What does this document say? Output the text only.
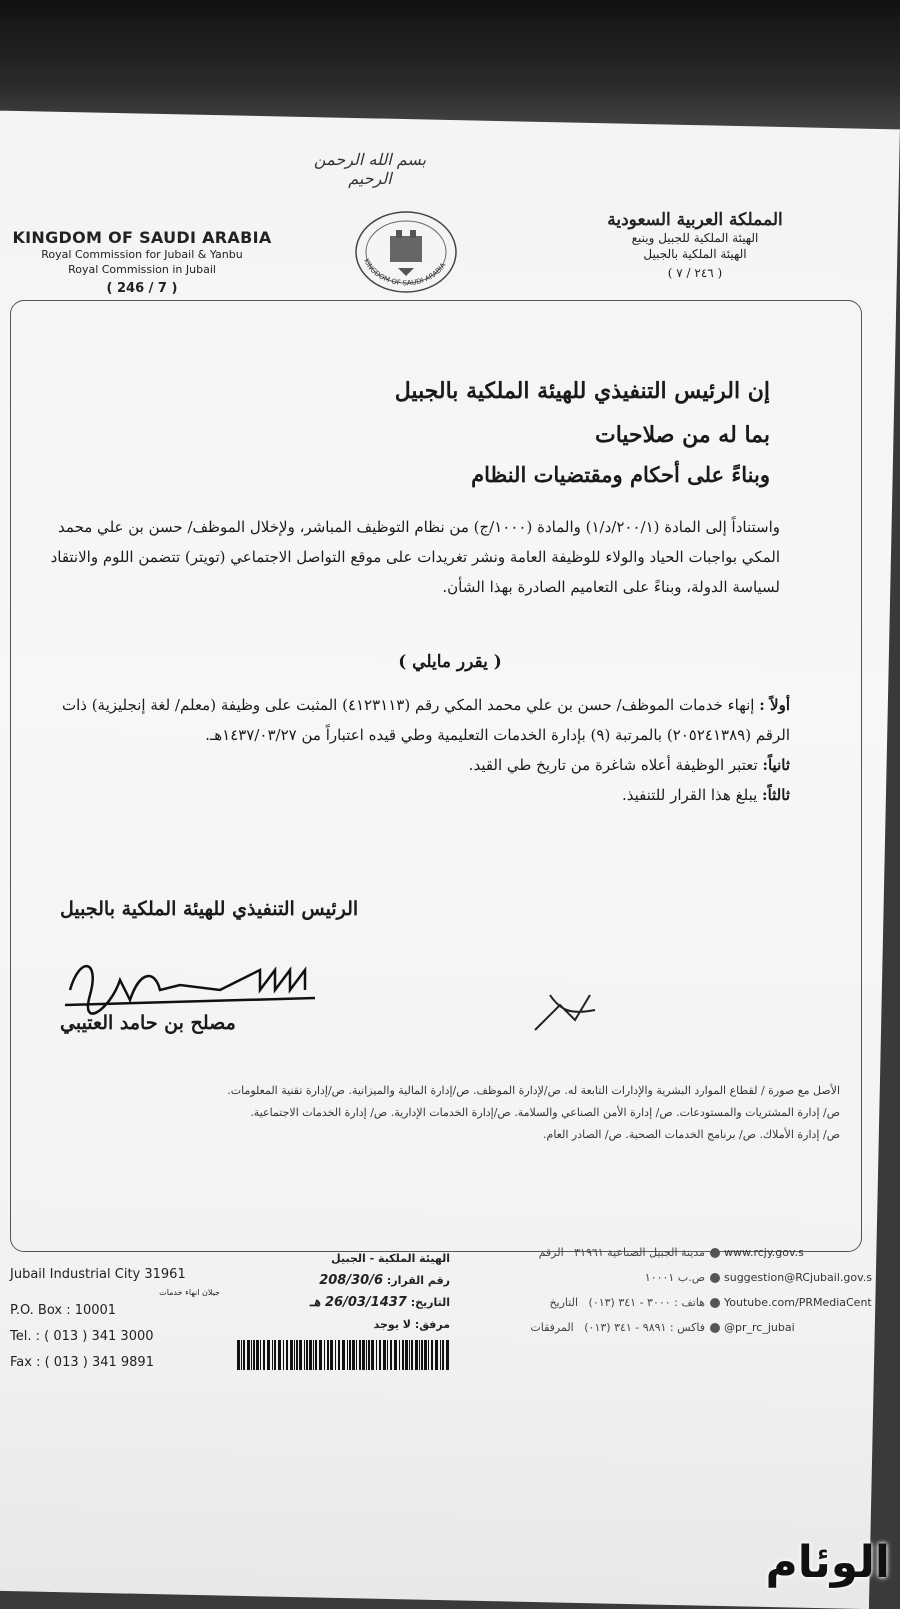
بسم الله الرحمن الرحيم
KINGDOM OF SAUDI ARABIA
Royal Commission for Jubail & Yanbu
Royal Commission in Jubail
( 246 / 7 )
KINGDOM OF SAUDI ARABIA
المملكة العربية السعودية
الهيئة الملكية للجبيل وينبع
الهيئة الملكية بالجبيل
( ٢٤٦ / ٧ )
إن الرئيس التنفيذي للهيئة الملكية بالجبيل
بما له من صلاحيات
وبناءً على أحكام ومقتضيات النظام
واستناداً إلى المادة (٢٠٠/١/د/١) والمادة (١٠٠٠/ج) من نظام التوظيف المباشر، ولإخلال الموظف/ حسن بن علي محمد المكي بواجبات الحياد والولاء للوظيفة العامة ونشر تغريدات على موقع التواصل الاجتماعي (تويتر) تتضمن اللوم والانتقاد لسياسة الدولة، وبناءً على التعاميم الصادرة بهذا الشأن.
( يقرر مايلي )
أولاً : إنهاء خدمات الموظف/ حسن بن علي محمد المكي رقم (٤١٢٣١١٣) المثبت على وظيفة (معلم/ لغة إنجليزية) ذات الرقم (٢٠٥٢٤١٣٨٩) بالمرتبة (٩) بإدارة الخدمات التعليمية وطي قيده اعتباراً من ١٤٣٧/٠٣/٢٧هـ.
ثانياً: تعتبر الوظيفة أعلاه شاغرة من تاريخ طي القيد.
ثالثاً: يبلغ هذا القرار للتنفيذ.
الرئيس التنفيذي للهيئة الملكية بالجبيل
مصلح بن حامد العتيبي
الأصل مع صورة / لقطاع الموارد البشرية والإدارات التابعة له. ص/لإدارة الموظف. ص/إدارة المالية والميزانية. ص/إدارة تقنية المعلومات.
ص/ إدارة المشتريات والمستودعات. ص/ إدارة الأمن الصناعي والسلامة. ص/إدارة الخدمات الإدارية. ص/ إدارة الخدمات الاجتماعية.
ص/ إدارة الأملاك. ص/ برنامج الخدمات الصحية. ص/ الصادر العام.
Jubail Industrial City 31961
جيلان انهاء خدمات
P.O. Box : 10001
Tel. : ( 013 ) 341 3000
Fax : ( 013 ) 341 9891
الهيئة الملكية - الجبيل
رقم القرار: 208/30/6
التاريخ: 26/03/1437 هـ
مرفق: لا يوجد
مدينة الجبيل الصناعية ٣١٩٦١   الرقم
ص.ب ١٠٠٠١
هاتف : ٣٠٠٠ - ٣٤١ (٠١٣)   التاريخ
فاكس : ٩٨٩١ - ٣٤١ (٠١٣)   المرفقات
www.rcjy.gov.s
suggestion@RCjubail.gov.s
Youtube.com/PRMediaCent
@pr_rc_jubai
الوئام
